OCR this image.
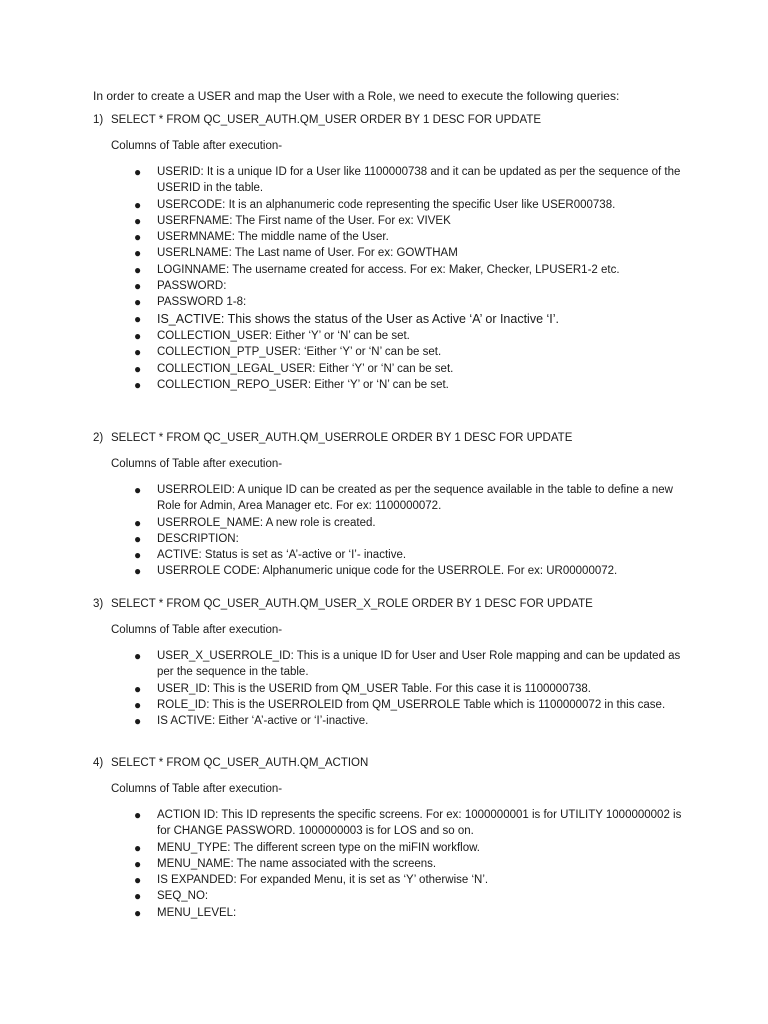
In order to create a USER and map the User with a Role, we need to execute the following queries:
1) SELECT * FROM QC_USER_AUTH.QM_USER ORDER BY 1 DESC FOR UPDATE
Columns of Table after execution-
● USERID: It is a unique ID for a User like 1100000738 and it can be updated as per the sequence of the USERID in the table.
● USERCODE: It is an alphanumeric code representing the specific User like USER000738.
● USERFNAME: The First name of the User. For ex: VIVEK
● USERMNAME: The middle name of the User.
● USERLNAME: The Last name of User. For ex: GOWTHAM
● LOGINNAME: The username created for access. For ex: Maker, Checker, LPUSER1-2 etc.
● PASSWORD:
● PASSWORD 1-8:
● IS_ACTIVE: This shows the status of the User as Active ‘A’ or Inactive ‘I’.
● COLLECTION_USER: Either ‘Y’ or ‘N’ can be set.
● COLLECTION_PTP_USER: ‘Either ‘Y’ or ‘N’ can be set.
● COLLECTION_LEGAL_USER: Either ‘Y’ or ‘N’ can be set.
● COLLECTION_REPO_USER: Either ‘Y’ or ‘N’ can be set.
2) SELECT * FROM QC_USER_AUTH.QM_USERROLE ORDER BY 1 DESC FOR UPDATE
Columns of Table after execution-
● USERROLEID: A unique ID can be created as per the sequence available in the table to define a new Role for Admin, Area Manager etc. For ex: 1100000072.
● USERROLE_NAME: A new role is created.
● DESCRIPTION:
● ACTIVE: Status is set as ‘A’-active or ‘I’- inactive.
● USERROLE CODE: Alphanumeric unique code for the USERROLE. For ex: UR00000072.
3) SELECT * FROM QC_USER_AUTH.QM_USER_X_ROLE ORDER BY 1 DESC FOR UPDATE
Columns of Table after execution-
● USER_X_USERROLE_ID: This is a unique ID for User and User Role mapping and can be updated as per the sequence in the table.
● USER_ID: This is the USERID from QM_USER Table. For this case it is 1100000738.
● ROLE_ID: This is the USERROLEID from QM_USERROLE Table which is 1100000072 in this case.
● IS ACTIVE: Either ‘A’-active or ‘I’-inactive.
4) SELECT * FROM QC_USER_AUTH.QM_ACTION
Columns of Table after execution-
● ACTION ID: This ID represents the specific screens. For ex: 1000000001 is for UTILITY 1000000002 is for CHANGE PASSWORD. 1000000003 is for LOS and so on.
● MENU_TYPE: The different screen type on the miFIN workflow.
● MENU_NAME: The name associated with the screens.
● IS EXPANDED: For expanded Menu, it is set as ‘Y’ otherwise ‘N’.
● SEQ_NO:
● MENU_LEVEL:
